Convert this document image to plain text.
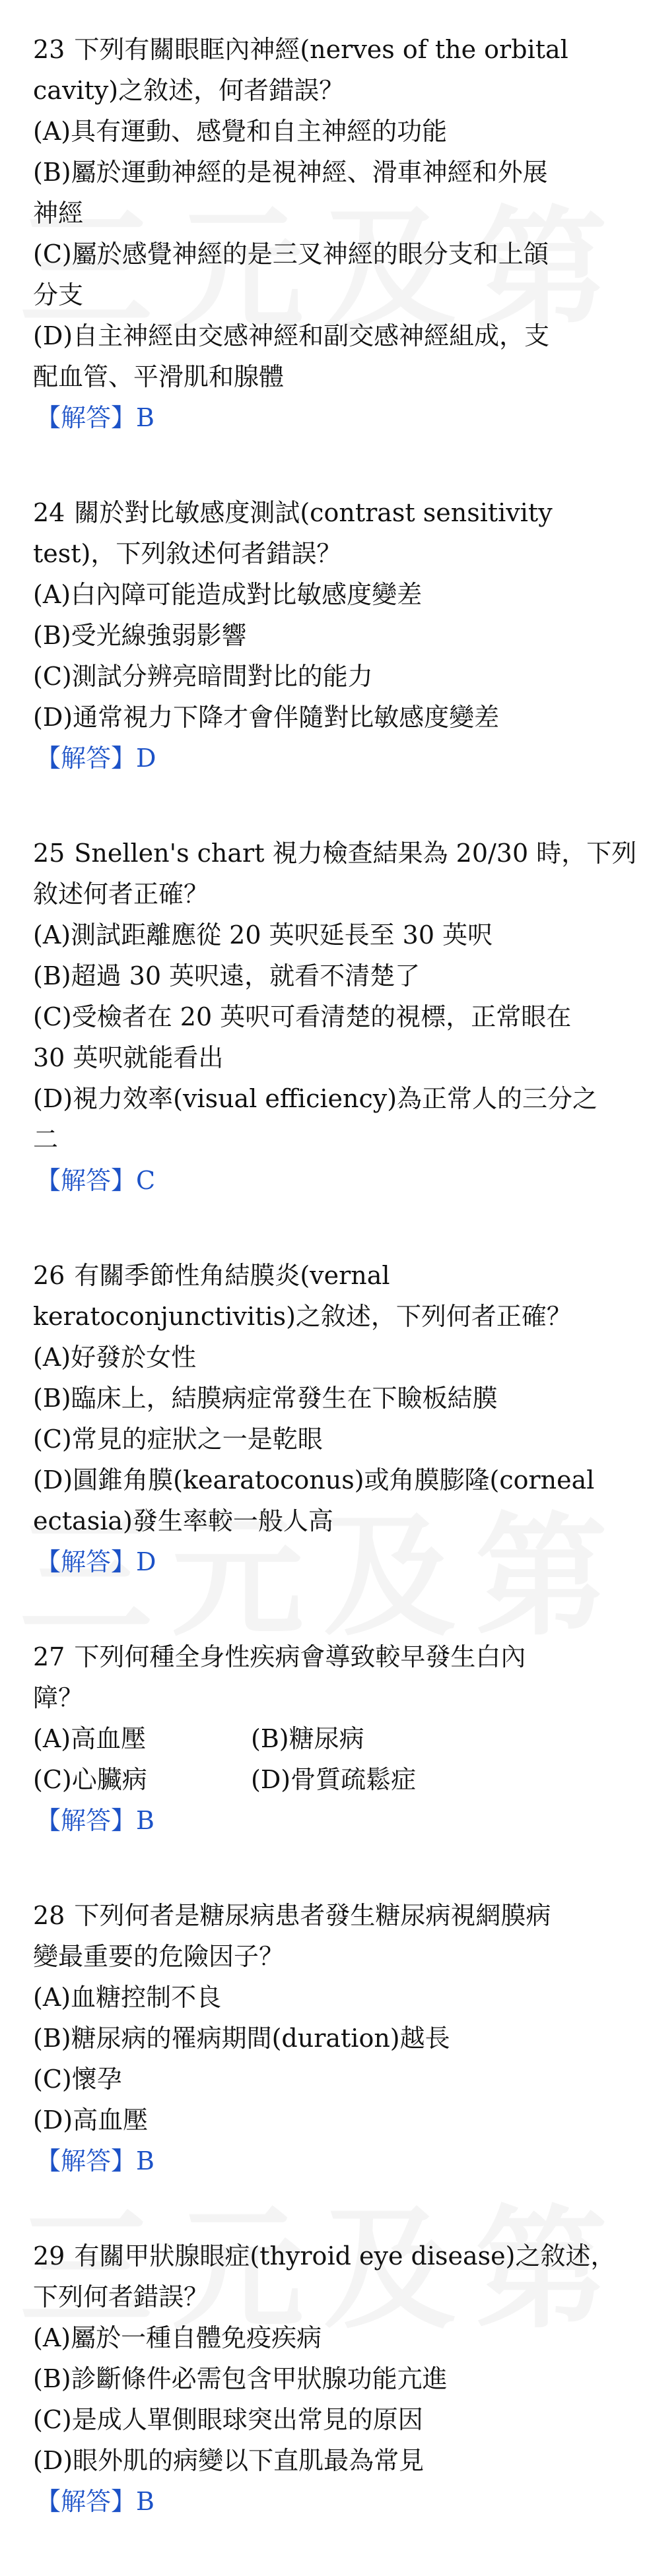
23 下列有關眼眶內神經(nerves of the orbital
cavity)之敘述，何者錯誤？
(A)具有運動、感覺和自主神經的功能
(B)屬於運動神經的是視神經、滑車神經和外展
神經
(C)屬於感覺神經的是三叉神經的眼分支和上頜
分支
(D)自主神經由交感神經和副交感神經組成，支
配血管、平滑肌和腺體
【解答】B
24 關於對比敏感度測試(contrast sensitivity
test)，下列敘述何者錯誤？
(A)白內障可能造成對比敏感度變差
(B)受光線強弱影響
(C)測試分辨亮暗間對比的能力
(D)通常視力下降才會伴隨對比敏感度變差
【解答】D
25 Snellen's chart 視力檢查結果為 20/30 時，下列
敘述何者正確？
(A)測試距離應從 20 英呎延長至 30 英呎
(B)超過 30 英呎遠，就看不清楚了
(C)受檢者在 20 英呎可看清楚的視標，正常眼在
30 英呎就能看出
(D)視力效率(visual efficiency)為正常人的三分之
二
【解答】C
26 有關季節性角結膜炎(vernal
keratoconjunctivitis)之敘述，下列何者正確？
(A)好發於女性
(B)臨床上，結膜病症常發生在下瞼板結膜
(C)常見的症狀之一是乾眼
(D)圓錐角膜(kearatoconus)或角膜膨隆(corneal
ectasia)發生率較一般人高
【解答】D
27 下列何種全身性疾病會導致較早發生白內
障？
(A)高血壓	(B)糖尿病
(C)心臟病	(D)骨質疏鬆症
【解答】B
28 下列何者是糖尿病患者發生糖尿病視網膜病
變最重要的危險因子？
(A)血糖控制不良
(B)糖尿病的罹病期間(duration)越長
(C)懷孕
(D)高血壓
【解答】B
29 有關甲狀腺眼症(thyroid eye disease)之敘述，
下列何者錯誤？
(A)屬於一種自體免疫疾病
(B)診斷條件必需包含甲狀腺功能亢進
(C)是成人單側眼球突出常見的原因
(D)眼外肌的病變以下直肌最為常見
【解答】B
